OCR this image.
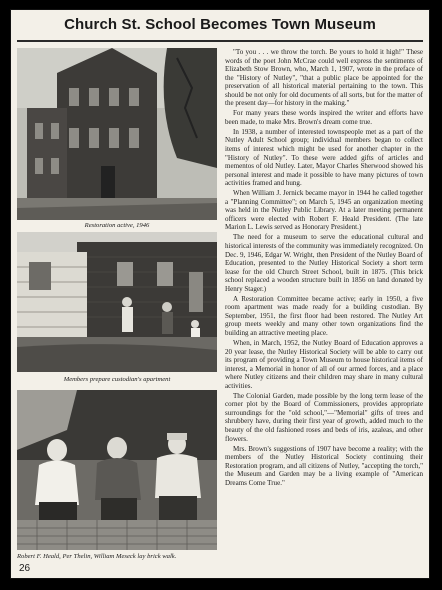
Church St. School Becomes Town Museum
Restoration active, 1946
Members prepare custodian's apartment
Robert F. Heald, Per Thelin, William Meseck lay brick walk.

"To you . . . we throw the torch. Be yours to hold it high!" These words of the poet John McCrae could well express the sentiments of Elizabeth Stow Brown, who, March 1, 1907, wrote in the preface of the "History of Nutley", "that a public place be appointed for the preservation of all historical material pertaining to the town. This should be not only for old documents of all sorts, but for the matter of the present day—for history in the making."

For many years these words inspired the writer and efforts have been made, to make Mrs. Brown's dream come true.

In 1938, a number of interested townspeople met as a part of the Nutley Adult School group; individual members began to collect items of interest which might be used for another chapter in the "History of Nutley". To these were added gifts of articles and mementos of old Nutley. Later, Mayor Charles Sherwood showed his personal interest and made it possible to have many pictures of town activities framed and hung.

When William J. Jernick became mayor in 1944 he called together a "Planning Committee"; on March 5, 1945 an organization meeting was held in the Nutley Public Library. At a later meeting permanent officers were elected with Robert F. Heald President. (The late Marion L. Lewis served as Honorary President.)

The need for a museum to serve the educational cultural and historical interests of the community was immediately recognized. On Dec. 9, 1946, Edgar W. Wright, then President of the Nutley Board of Education, presented to the Nutley Historical Society a short term lease for the old Church Street School, built in 1875. (This brick school replaced a wooden structure built in 1856 on land donated by Henry Stager.)

A Restoration Committee became active; early in 1950, a five room apartment was made ready for a building custodian. By September, 1951, the first floor had been restored. The Nutley Art group meets weekly and many other town organizations find the building an attractive meeting place.

When, in March, 1952, the Nutley Board of Education approves a 20 year lease, the Nutley Historical Society will be able to carry out its program of providing a Town Museum to house historical items of interest, a Memorial in honor of all of our armed forces, and a place where Nutley citizens and their children may share in many cultural activities.

The Colonial Garden, made possible by the long term lease of the corner plot by the Board of Commissioners, provides appropriate surroundings for the "old school,"—"Memorial" gifts of trees and shrubbery have, during their first year of growth, added much to the beauty of the old fashioned roses and beds of iris, azaleas, and other flowers.

Mrs. Brown's suggestions of 1907 have become a reality; with the members of the Nutley Historical Society continuing their Restoration program, and all citizens of Nutley, "accepting the torch," the Museum and Garden may be a living example of "American Dreams Come True."

26
